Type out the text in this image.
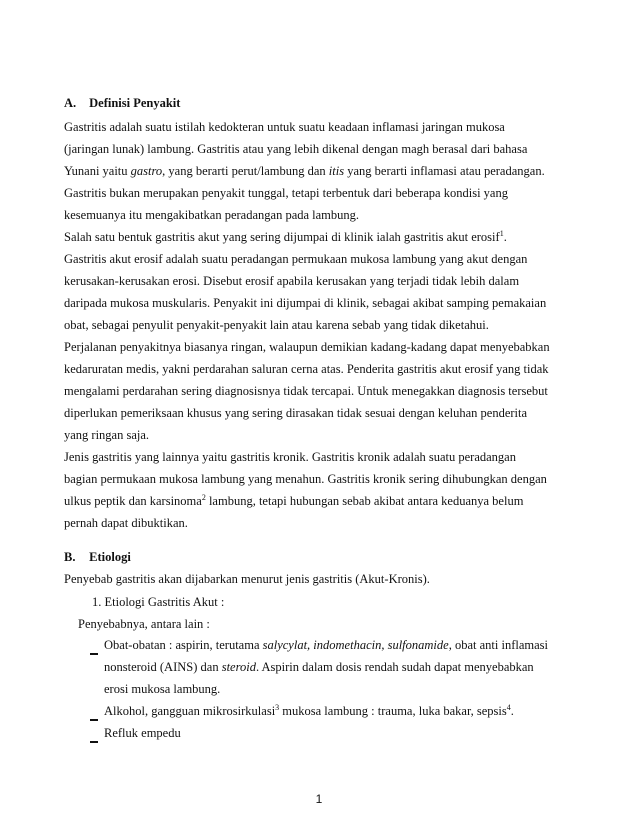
A. Definisi Penyakit
Gastritis adalah suatu istilah kedokteran untuk suatu keadaan inflamasi jaringan mukosa
(jaringan lunak) lambung. Gastritis atau yang lebih dikenal dengan magh berasal dari bahasa
Yunani yaitu gastro, yang berarti perut/lambung dan itis yang berarti inflamasi atau peradangan.
Gastritis bukan merupakan penyakit tunggal, tetapi terbentuk dari beberapa kondisi yang
kesemuanya itu mengakibatkan peradangan pada lambung.
Salah satu bentuk gastritis akut yang sering dijumpai di klinik ialah gastritis akut erosif$^1$.
Gastritis akut erosif adalah suatu peradangan permukaan mukosa lambung yang akut dengan
kerusakan-kerusakan erosi. Disebut erosif apabila kerusakan yang terjadi tidak lebih dalam
daripada mukosa muskularis. Penyakit ini dijumpai di klinik, sebagai akibat samping pemakaian
obat, sebagai penyulit penyakit-penyakit lain atau karena sebab yang tidak diketahui.
Perjalanan penyakitnya biasanya ringan, walaupun demikian kadang-kadang dapat menyebabkan
kedaruratan medis, yakni perdarahan saluran cerna atas. Penderita gastritis akut erosif yang tidak
mengalami perdarahan sering diagnosisnya tidak tercapai. Untuk menegakkan diagnosis tersebut
diperlukan pemeriksaan khusus yang sering dirasakan tidak sesuai dengan keluhan penderita
yang ringan saja.
Jenis gastritis yang lainnya yaitu gastritis kronik. Gastritis kronik adalah suatu peradangan
bagian permukaan mukosa lambung yang menahun. Gastritis kronik sering dihubungkan dengan
ulkus peptik dan karsinoma$^2$ lambung, tetapi hubungan sebab akibat antara keduanya belum
pernah dapat dibuktikan.
B. Etiologi
Penyebab gastritis akan dijabarkan menurut jenis gastritis (Akut-Kronis).
1. Etiologi Gastritis Akut :
Penyebabnya, antara lain :
Obat-obatan : aspirin, terutama salycylat, indomethacin, sulfonamide, obat anti inflamasi
nonsteroid (AINS) dan steroid. Aspirin dalam dosis rendah sudah dapat menyebabkan
erosi mukosa lambung.
Alkohol, gangguan mikrosirkulasi$^3$ mukosa lambung : trauma, luka bakar, sepsis$^4$.
Refluk empedu
1
